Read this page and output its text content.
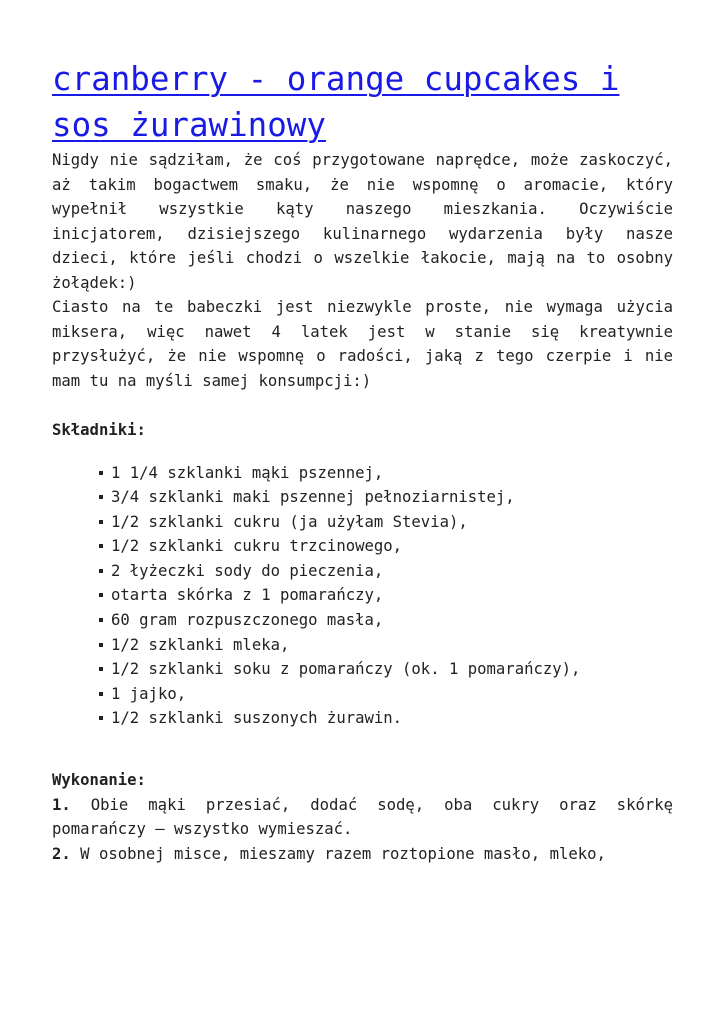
cranberry - orange cupcakes i sos żurawinowy

Nigdy nie sądziłam, że coś przygotowane naprędce, może zaskoczyć, aż takim bogactwem smaku, że nie wspomnę o aromacie, który wypełnił wszystkie kąty naszego mieszkania. Oczywiście inicjatorem, dzisiejszego kulinarnego wydarzenia były nasze dzieci, które jeśli chodzi o wszelkie łakocie, mają na to osobny żołądek:)

Ciasto na te babeczki jest niezwykle proste, nie wymaga użycia miksera, więc nawet 4 latek jest w stanie się kreatywnie przysłużyć, że nie wspomnę o radości, jaką z tego czerpie i nie mam tu na myśli samej konsumpcji:)

Składniki:

1 1/4 szklanki mąki pszennej,
3/4 szklanki maki pszennej pełnoziarnistej,
1/2 szklanki cukru (ja użyłam Stevia),
1/2 szklanki cukru trzcinowego,
2 łyżeczki sody do pieczenia,
otarta skórka z 1 pomarańczy,
60 gram rozpuszczonego masła,
1/2 szklanki mleka,
1/2 szklanki soku z pomarańczy (ok. 1 pomarańczy),
1 jajko,
1/2 szklanki suszonych żurawin.

Wykonanie:

1. Obie mąki przesiać, dodać sodę, oba cukry oraz skórkę pomarańczy – wszystko wymieszać.

2. W osobnej misce, mieszamy razem roztopione masło, mleko,
